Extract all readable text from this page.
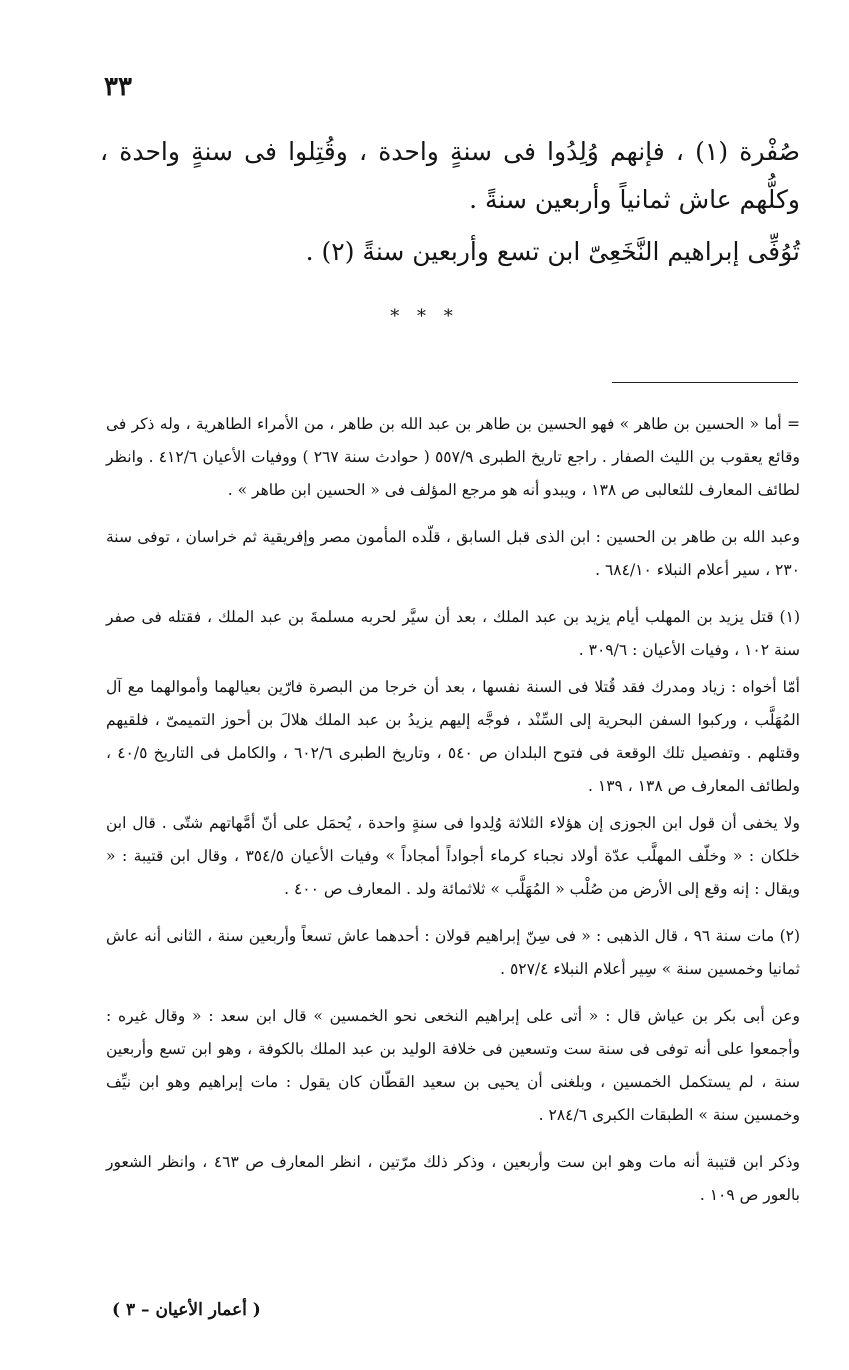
٣٣

صُفْرة (١) ، فإنهم وُلِدُوا فى سنةٍ واحدة ، وقُتِلوا فى سنةٍ واحدة ، وكلُّهم عاش ثمانياً وأربعين سنةً .

تُوُفِّى إبراهيم النَّخَعِىّ ابن تسع وأربعين سنةً (٢) .

* * *

= أما « الحسين بن طاهر » فهو الحسين بن طاهر بن عبد الله بن طاهر ، من الأمراء الطاهرية ، وله ذكر فى وقائع يعقوب بن الليث الصفار . راجع تاريخ الطبرى ٥٥٧/٩ ( حوادث سنة ٢٦٧ ) ووفيات الأعيان ٤١٢/٦ . وانظر لطائف المعارف للثعالبى ص ١٣٨ ، ويبدو أنه هو مرجع المؤلف فى « الحسين ابن طاهر » .

وعبد الله بن طاهر بن الحسين : ابن الذى قبل السابق ، قلّده المأمون مصر وإفريقية ثم خراسان ، توفى سنة ٢٣٠ ، سير أعلام النبلاء ٦٨٤/١٠ .

(١) قتل يزيد بن المهلب أيام يزيد بن عبد الملك ، بعد أن سيَّر لحربه مسلمةَ بن عبد الملك ، فقتله فى صفر سنة ١٠٢ ، وفيات الأعيان : ٣٠٩/٦ .

أمّا أخواه : زياد ومدرك فقد قُتلا فى السنة نفسها ، بعد أن خرجا من البصرة فارّين بعيالهما وأموالهما مع آل المُهَلَّب ، وركبوا السفن البحرية إلى السِّنْد ، فوجَّه إليهم يزيدُ بن عبد الملك هلالَ بن أحوز التميمىّ ، فلقيهم وقتلهم . وتفصيل تلك الوقعة فى فتوح البلدان ص ٥٤٠ ، وتاريخ الطبرى ٦٠٢/٦ ، والكامل فى التاريخ ٤٠/٥ ، ولطائف المعارف ص ١٣٨ ، ١٣٩ .

ولا يخفى أن قول ابن الجوزى إن هؤلاء الثلاثة وُلِدوا فى سنةٍ واحدة ، يُحمَل على أنّ أمَّهاتهم شتّى . قال ابن خلكان : « وخلّف المهلَّب عدّة أولاد نجباء كرماء أجواداً أمجاداً » وفيات الأعيان ٣٥٤/٥ ، وقال ابن قتيبة : « ويقال : إنه وقع إلى الأرض من صُلْب « المُهَلَّب » ثلاثمائة ولد . المعارف ص ٤٠٠ .

(٢) مات سنة ٩٦ ، قال الذهبى : « فى سِنّ إبراهيم قولان : أحدهما عاش تسعاً وأربعين سنة ، الثانى أنه عاش ثمانيا وخمسين سنة » سِير أعلام النبلاء ٥٢٧/٤ .

وعن أبى بكر بن عياش قال : « أتى على إبراهيم النخعى نحو الخمسين » قال ابن سعد : « وقال غيره : وأجمعوا على أنه توفى فى سنة ست وتسعين فى خلافة الوليد بن عبد الملك بالكوفة ، وهو ابن تسع وأربعين سنة ، لم يستكمل الخمسين ، وبلغنى أن يحيى بن سعيد القطّان كان يقول : مات إبراهيم وهو ابن نيِّف وخمسين سنة » الطبقات الكبرى ٢٨٤/٦ .

وذكر ابن قتيبة أنه مات وهو ابن ست وأربعين ، وذكر ذلك مرّتين ، انظر المعارف ص ٤٦٣ ، وانظر الشعور بالعور ص ١٠٩ .

( أعمار الأعيان – ٣ )
